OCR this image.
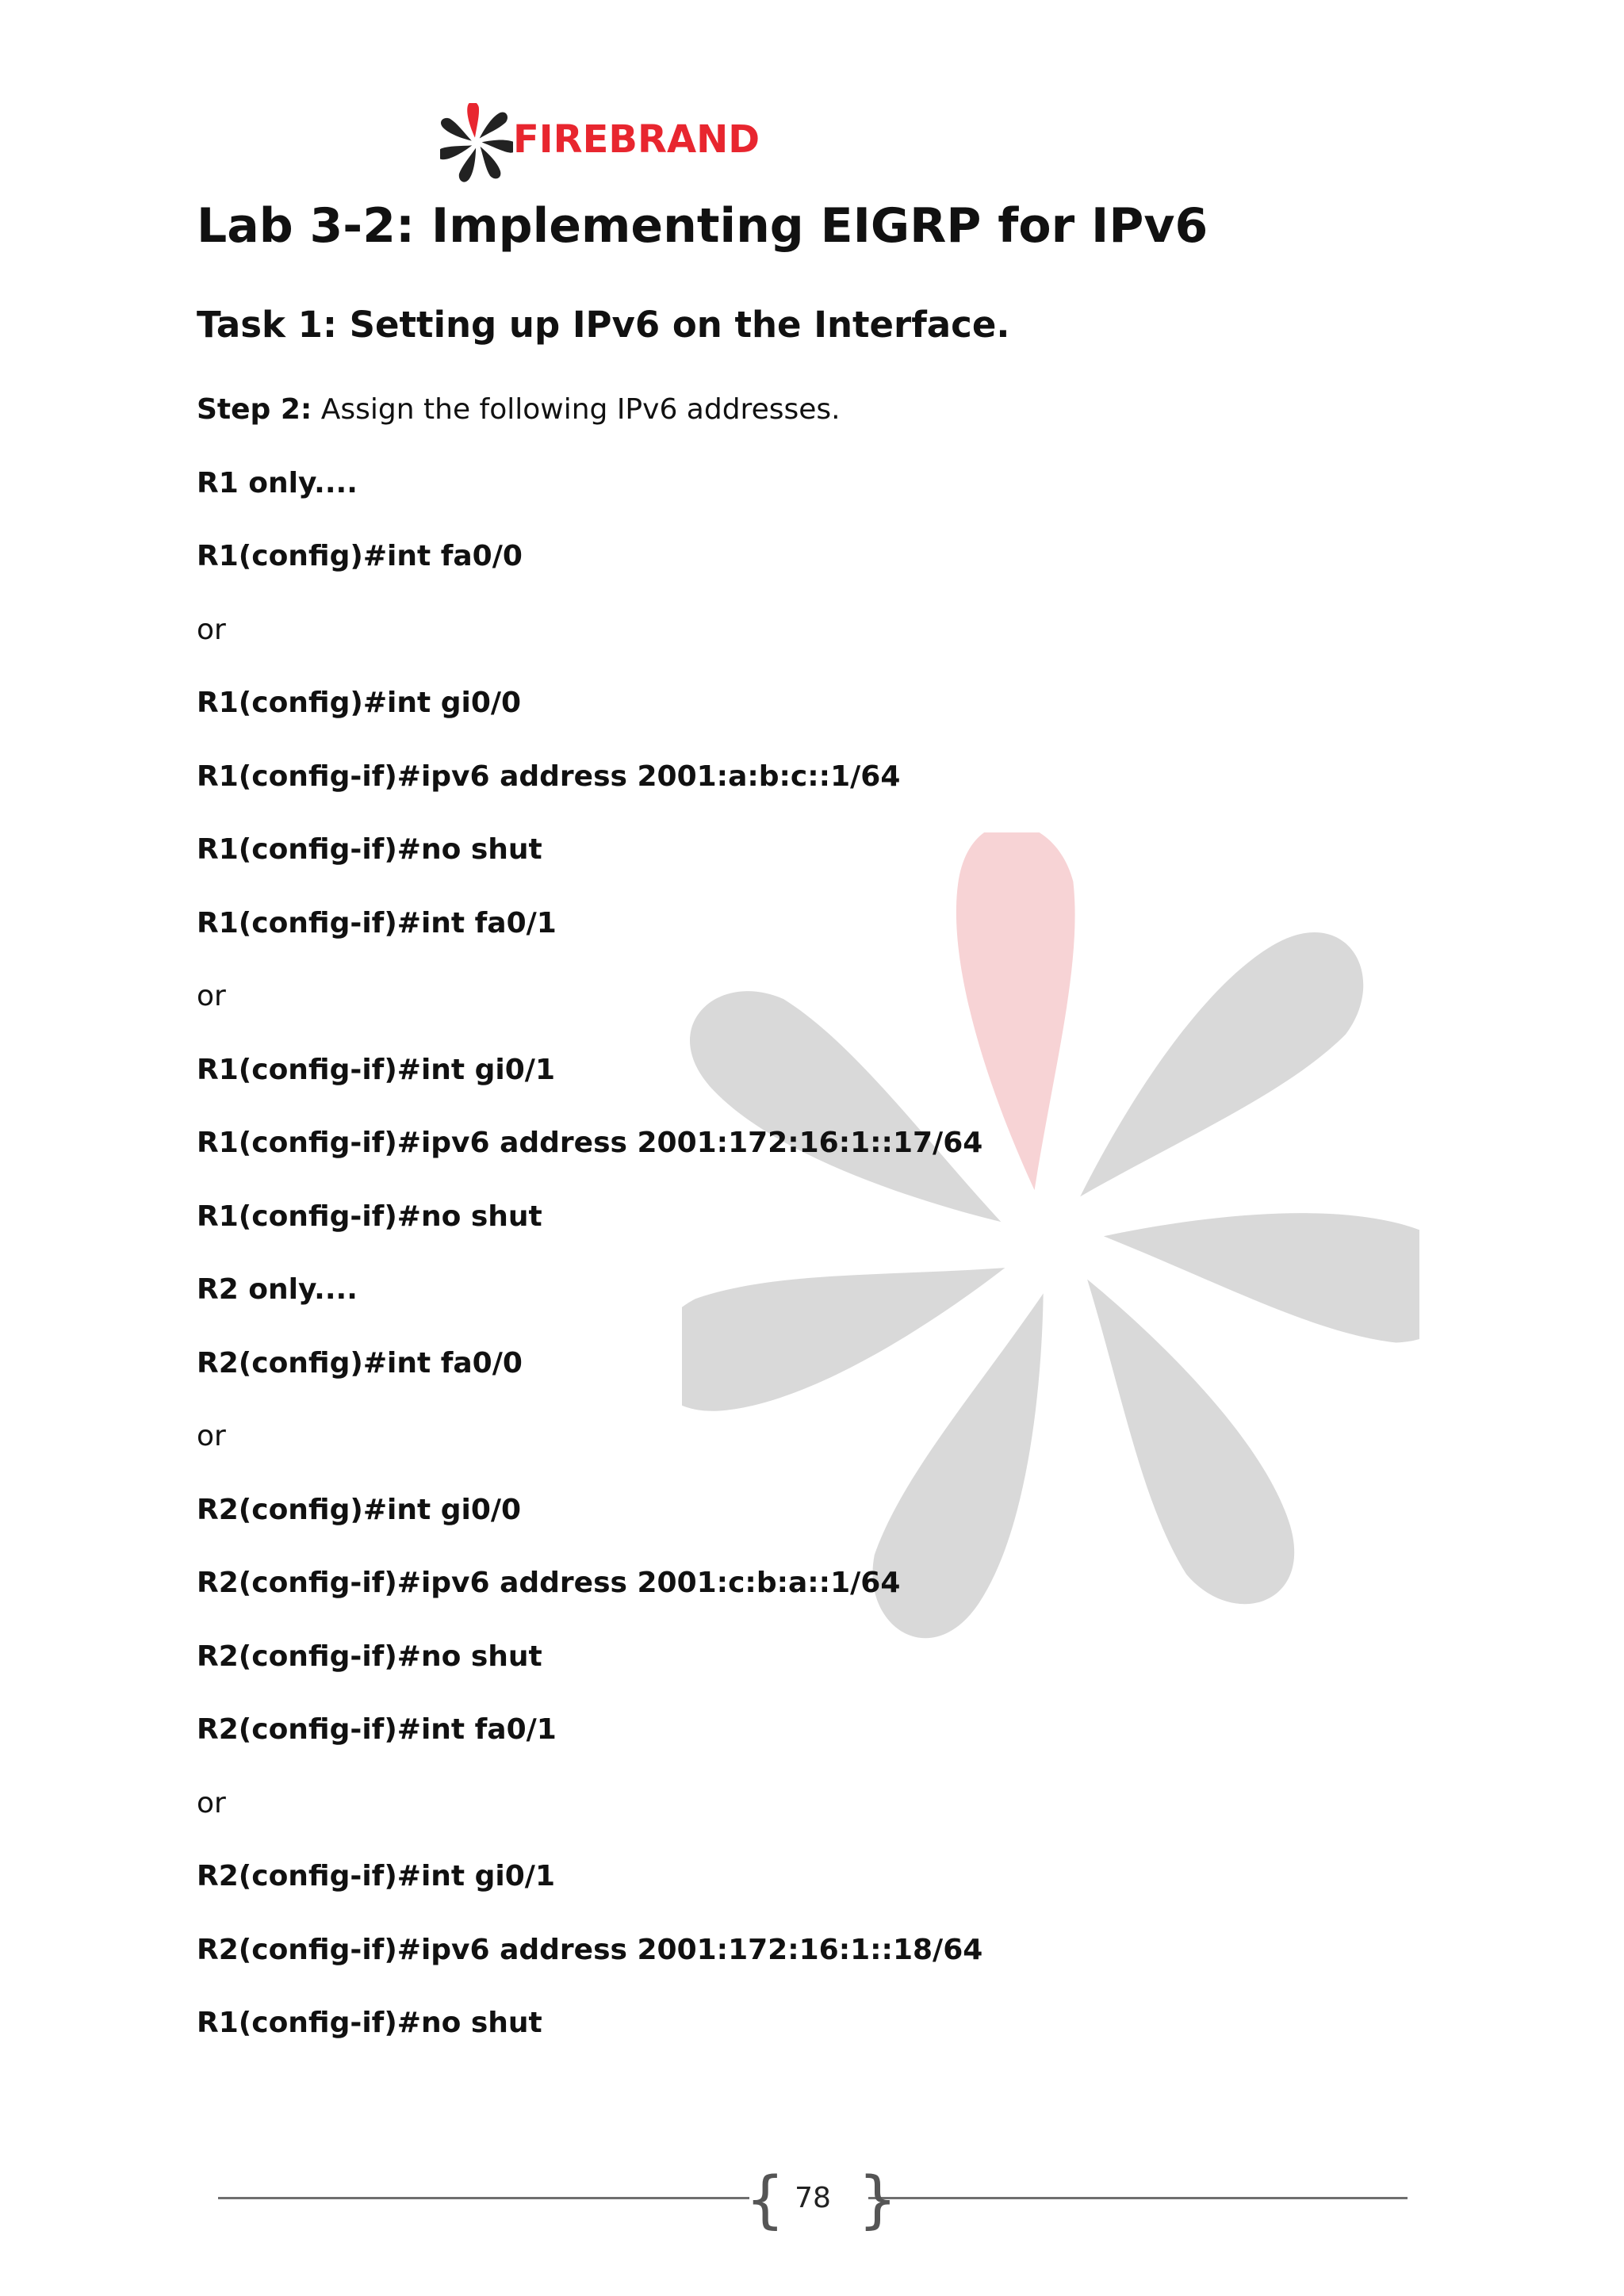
FIREBRAND
Lab 3-2: Implementing EIGRP for IPv6
Task 1: Setting up IPv6 on the Interface.
Step 2: Assign the following IPv6 addresses.
R1 only....
R1(config)#int fa0/0
or
R1(config)#int gi0/0
R1(config-if)#ipv6 address 2001:a:b:c::1/64
R1(config-if)#no shut
R1(config-if)#int fa0/1
or
R1(config-if)#int gi0/1
R1(config-if)#ipv6 address 2001:172:16:1::17/64
R1(config-if)#no shut
R2 only....
R2(config)#int fa0/0
or
R2(config)#int gi0/0
R2(config-if)#ipv6 address 2001:c:b:a::1/64
R2(config-if)#no shut
R2(config-if)#int fa0/1
or
R2(config-if)#int gi0/1
R2(config-if)#ipv6 address 2001:172:16:1::18/64
R1(config-if)#no shut
{ }
78
